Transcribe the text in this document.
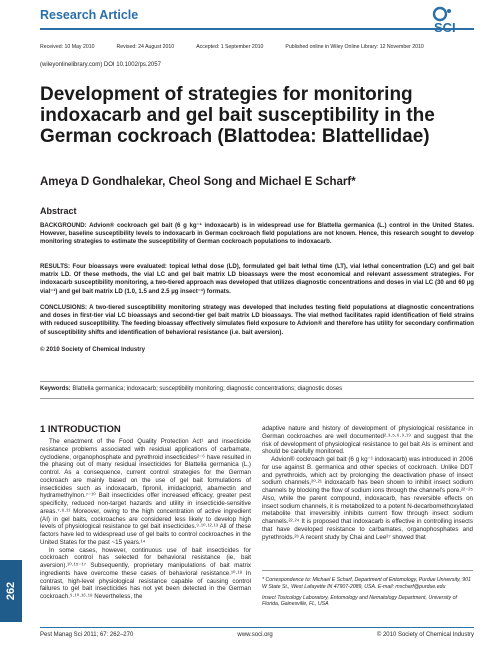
262
Research Article
Received: 10 May 2010	Revised: 24 August 2010	Accepted: 1 September 2010	Published online in Wiley Online Library: 12 November 2010
(wileyonlinelibrary.com) DOI 10.1002/ps.2057
Development of strategies for monitoring indoxacarb and gel bait susceptibility in the German cockroach (Blattodea: Blattellidae)
Ameya D Gondhalekar, Cheol Song and Michael E Scharf*
Abstract
BACKGROUND: Advion® cockroach gel bait (6 g kg⁻¹ indoxacarb) is in widespread use for Blattella germanica (L.) control in the United States. However, baseline susceptibility levels to indoxacarb in German cockroach field populations are not known. Hence, this research sought to develop monitoring strategies to estimate the susceptibility of German cockroach populations to indoxacarb.
RESULTS: Four bioassays were evaluated: topical lethal dose (LD), formulated gel bait lethal time (LT), vial lethal concentration (LC) and gel bait matrix LD. Of these methods, the vial LC and gel bait matrix LD bioassays were the most economical and relevant assessment strategies. For indoxacarb susceptibility monitoring, a two-tiered approach was developed that utilizes diagnostic concentrations and doses in vial LC (30 and 60 µg vial⁻¹) and gel bait matrix LD (1.0, 1.5 and 2.5 µg insect⁻¹) formats.
CONCLUSIONS: A two-tiered susceptibility monitoring strategy was developed that includes testing field populations at diagnostic concentrations and doses in first-tier vial LC bioassays and second-tier gel bait matrix LD bioassays. The vial method facilitates rapid identification of field strains with reduced susceptibility. The feeding bioassay effectively simulates field exposure to Advion® and therefore has utility for secondary confirmation of susceptibility shifts and identification of behavioral resistance (i.e. bait aversion).
© 2010 Society of Chemical Industry
Keywords: Blattella germanica; indoxacarb; susceptibility monitoring; diagnostic concentrations; diagnostic doses
1 INTRODUCTION

The enactment of the Food Quality Protection Act¹ and insecticide resistance problems associated with residual applications of carbamate, cyclodiene, organophosphate and pyrethroid insecticides²⁻⁶ have resulted in the phasing out of many residual insecticides for Blattella germanica (L.) control. As a consequence, current control strategies for the German cockroach are mainly based on the use of gel bait formulations of insecticides such as indoxacarb, fipronil, imidacloprid, abamectin and hydramethylnon.⁷⁻¹⁰ Bait insecticides offer increased efficacy, greater pest specificity, reduced non-target hazards and utility in insecticide-sensitive areas.⁷·⁸·¹¹ Moreover, owing to the high concentration of active ingredient (AI) in gel baits, cockroaches are considered less likely to develop high levels of physiological resistance to gel bait insecticides.⁹·¹⁰·¹²·¹³ All of these factors have led to widespread use of gel baits to control cockroaches in the United States for the past ~15 years.¹⁴

In some cases, however, continuous use of bait insecticides for cockroach control has selected for behavioral resistance (ie, bait aversion).¹⁰·¹⁵⁻¹⁷ Subsequently, proprietary manipulations of bait matrix ingredients have overcome these cases of behavioral resistance.¹⁰·¹⁸ In contrast, high-level physiological resistance capable of causing control failures to gel bait insecticides has not yet been detected in the German cockroach.⁹·¹⁰·¹⁶·¹⁸ Nevertheless, the

adaptive nature and history of development of physiological resistance in German cockroaches are well documented²·³·⁵·⁶·⁹·¹⁹ and suggest that the risk of development of physiological resistance to gel bait AIs is eminent and should be carefully monitored.

Advion® cockroach gel bait (6 g kg⁻¹ indoxacarb) was introduced in 2006 for use against B. germanica and other species of cockroach. Unlike DDT and pyrethroids, which act by prolonging the deactivation phase of insect sodium channels,²⁰·²¹ indoxacarb has been shown to inhibit insect sodium channels by blocking the flow of sodium ions through the channel's pore.²²⁻²⁵ Also, while the parent compound, indoxacarb, has reversible effects on insect sodium channels, it is metabolized to a potent N-decarbomethoxylated metabolite that irreversibly inhibits current flow through insect sodium channels.²²·²⁴ It is proposed that indoxacarb is effective in controlling insects that have developed resistance to carbamates, organophosphates and pyrethroids.²⁶ A recent study by Chai and Lee²⁷ showed that

* Correspondence to: Michael E Scharf, Department of Entomology, Purdue University, 901 W State St., West Lafayette IN 47907-2089, USA. E-mail: mscharf@purdue.edu
Insect Toxicology Laboratory, Entomology and Nematology Department, University of Florida, Gainesville, FL, USA
Pest Manag Sci 2011; 67: 262–270	www.soci.org	© 2010 Society of Chemical Industry
